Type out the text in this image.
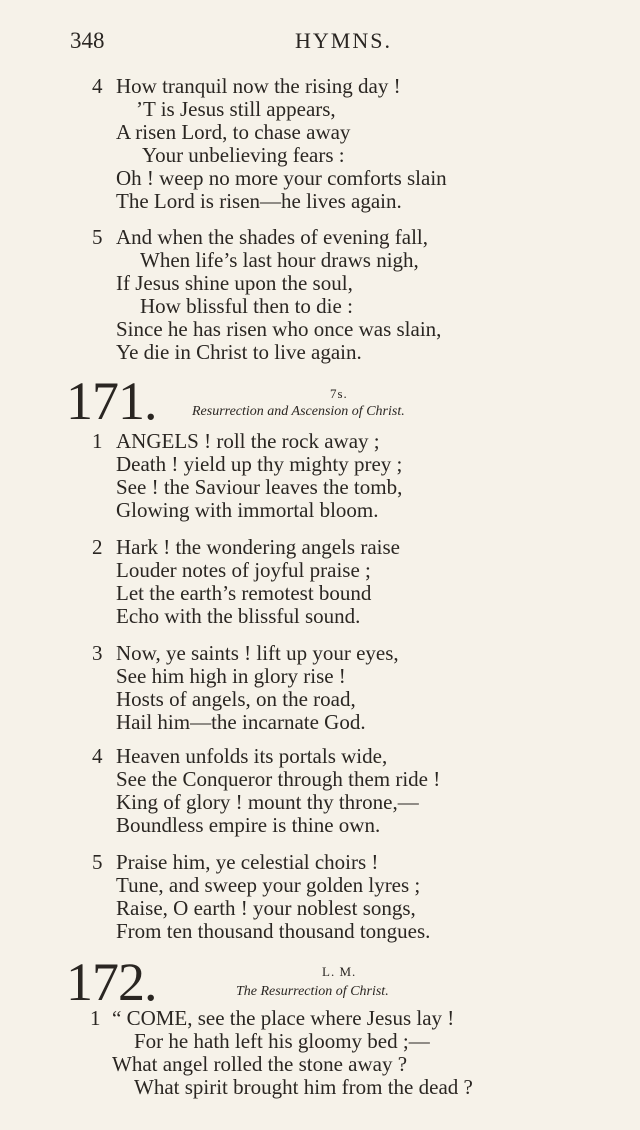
348	HYMNS.
4 How tranquil now the rising day !
’T is Jesus still appears,
A risen Lord, to chase away
Your unbelieving fears :
Oh ! weep no more your comforts slain
The Lord is risen—he lives again.
5 And when the shades of evening fall,
When life’s last hour draws nigh,
If Jesus shine upon the soul,
How blissful then to die :
Since he has risen who once was slain,
Ye die in Christ to live again.
171.	7s.
Resurrection and Ascension of Christ.
1 ANGELS ! roll the rock away ;
Death ! yield up thy mighty prey ;
See ! the Saviour leaves the tomb,
Glowing with immortal bloom.
2 Hark ! the wondering angels raise
Louder notes of joyful praise ;
Let the earth’s remotest bound
Echo with the blissful sound.
3 Now, ye saints ! lift up your eyes,
See him high in glory rise !
Hosts of angels, on the road,
Hail him—the incarnate God.
4 Heaven unfolds its portals wide,
See the Conqueror through them ride !
King of glory ! mount thy throne,—
Boundless empire is thine own.
5 Praise him, ye celestial choirs !
Tune, and sweep your golden lyres ;
Raise, O earth ! your noblest songs,
From ten thousand thousand tongues.
172.	L. M.
The Resurrection of Christ.
1 “ COME, see the place where Jesus lay !
For he hath left his gloomy bed ;—
What angel rolled the stone away ?
What spirit brought him from the dead ?
